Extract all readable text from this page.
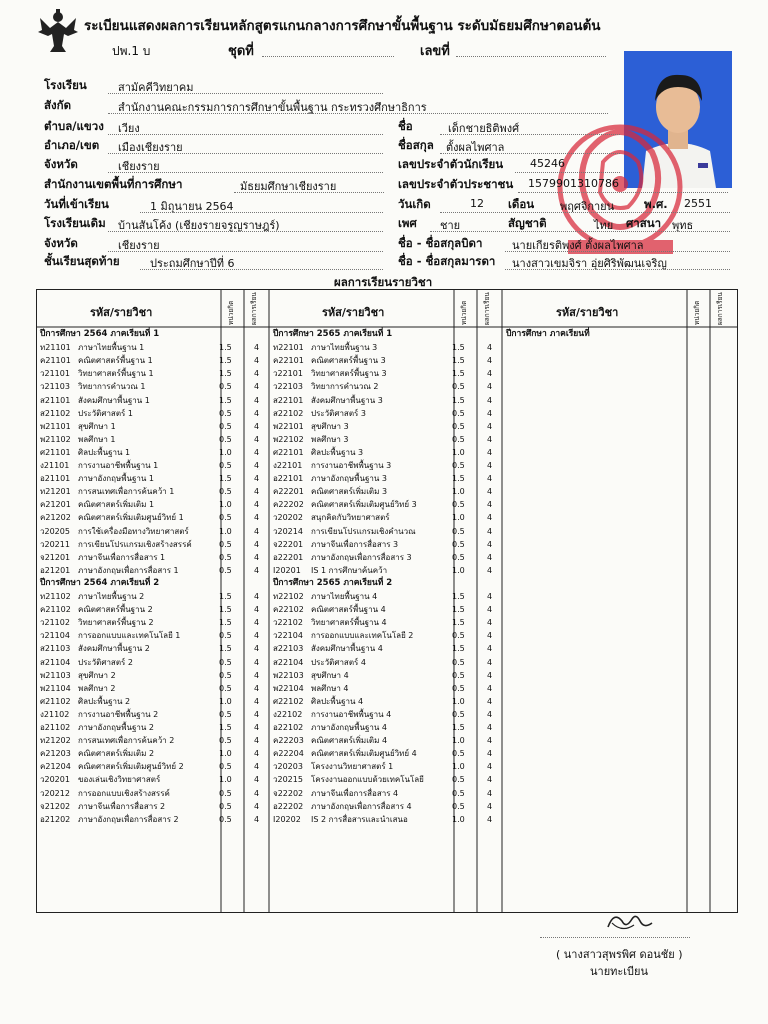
ระเบียนแสดงผลการเรียนหลักสูตรแกนกลางการศึกษาขั้นพื้นฐาน ระดับมัธยมศึกษาตอนต้น
ปพ.1 บ	ชุดที่	เลขที่
โรงเรียน	สามัคคีวิทยาคม
สังกัด	สำนักงานคณะกรรมการการศึกษาขั้นพื้นฐาน กระทรวงศึกษาธิการ
ตำบล/แขวง เวียง
อำเภอ/เขต เมืองเชียงราย
จังหวัด	เชียงราย
สำนักงานเขตพื้นที่การศึกษา	มัธยมศึกษาเชียงราย
วันที่เข้าเรียน	1 มิถุนายน 2564
โรงเรียนเดิม บ้านสันโค้ง (เชียงรายจรูญราษฎร์)
จังหวัด	เชียงราย
ชั้นเรียนสุดท้าย	ประถมศึกษาปีที่ 6
ชื่อ	เด็กชายธิติพงศ์
ชื่อสกุล ตั้งผลไพศาล
เลขประจำตัวนักเรียน 45246
เลขประจำตัวประชาชน 1579901310786
วันเกิด	12 เดือน พฤศจิกายน	พ.ศ. 2551
เพศ ชาย	สัญชาติ	ไทย ศาสนา พุทธ
ชื่อ - ชื่อสกุลบิดา	นายเกียรติพงศ์ ตั้งผลไพศาล
ชื่อ - ชื่อสกุลมารดา นางสาวเขมจิรา อุ่ยศิริพัฒนเจริญ
ผลการเรียนรายวิชา
รหัส/รายวิชา	หน่วยกิต ผลการเรียน	รหัส/รายวิชา	หน่วยกิต ผลการเรียน	รหัส/รายวิชา	หน่วยกิต ผลการเรียน
ปีการศึกษา 2564 ภาคเรียนที่ 1
ท21101 ภาษาไทยพื้นฐาน 1	1.5	4
ค21101 คณิตศาสตร์พื้นฐาน 1	1.5	4
ว21101 วิทยาศาสตร์พื้นฐาน 1	1.5	4
ว21103 วิทยาการคำนวณ 1	0.5	4
ส21101 สังคมศึกษาพื้นฐาน 1	1.5	4
ส21102 ประวัติศาสตร์ 1	0.5	4
พ21101 สุขศึกษา 1	0.5	4
พ21102 พลศึกษา 1	0.5	4
ศ21101 ศิลปะพื้นฐาน 1	1.0	4
ง21101 การงานอาชีพพื้นฐาน 1	0.5	4
อ21101 ภาษาอังกฤษพื้นฐาน 1	1.5	4
ท21201 การสนเทศเพื่อการค้นคว้า 1	0.5	4
ค21201 คณิตศาสตร์เพิ่มเติม 1	1.0	4
ค21202 คณิตศาสตร์เพิ่มเติมศูนย์วิทย์ 1	0.5	4
ว20205 การใช้เครื่องมือทางวิทยาศาสตร์	1.0	4
ว20211 การเขียนโปรแกรมเชิงสร้างสรรค์	0.5	4
จ21201 ภาษาจีนเพื่อการสื่อสาร 1	0.5	4
อ21201 ภาษาอังกฤษเพื่อการสื่อสาร 1	0.5	4
ปีการศึกษา 2564 ภาคเรียนที่ 2
ท21102 ภาษาไทยพื้นฐาน 2	1.5	4
ค21102 คณิตศาสตร์พื้นฐาน 2	1.5	4
ว21102 วิทยาศาสตร์พื้นฐาน 2	1.5	4
ว21104 การออกแบบและเทคโนโลยี 1	0.5	4
ส21103 สังคมศึกษาพื้นฐาน 2	1.5	4
ส21104 ประวัติศาสตร์ 2	0.5	4
พ21103 สุขศึกษา 2	0.5	4
พ21104 พลศึกษา 2	0.5	4
ศ21102 ศิลปะพื้นฐาน 2	1.0	4
ง21102 การงานอาชีพพื้นฐาน 2	0.5	4
อ21102 ภาษาอังกฤษพื้นฐาน 2	1.5	4
ท21202 การสนเทศเพื่อการค้นคว้า 2	0.5	4
ค21203 คณิตศาสตร์เพิ่มเติม 2	1.0	4
ค21204 คณิตศาสตร์เพิ่มเติมศูนย์วิทย์ 2	0.5	4
ว20201 ของเล่นเชิงวิทยาศาสตร์	1.0	4
ว20212 การออกแบบเชิงสร้างสรรค์	0.5	4
จ21202 ภาษาจีนเพื่อการสื่อสาร 2	0.5	4
อ21202 ภาษาอังกฤษเพื่อการสื่อสาร 2	0.5	4
ปีการศึกษา 2565 ภาคเรียนที่ 1
ท22101 ภาษาไทยพื้นฐาน 3	1.5	4
ค22101 คณิตศาสตร์พื้นฐาน 3	1.5	4
ว22101 วิทยาศาสตร์พื้นฐาน 3	1.5	4
ว22103 วิทยาการคำนวณ 2	0.5	4
ส22101 สังคมศึกษาพื้นฐาน 3	1.5	4
ส22102 ประวัติศาสตร์ 3	0.5	4
พ22101 สุขศึกษา 3	0.5	4
พ22102 พลศึกษา 3	0.5	4
ศ22101 ศิลปะพื้นฐาน 3	1.0	4
ง22101 การงานอาชีพพื้นฐาน 3	0.5	4
อ22101 ภาษาอังกฤษพื้นฐาน 3	1.5	4
ค22201 คณิตศาสตร์เพิ่มเติม 3	1.0	4
ค22202 คณิตศาสตร์เพิ่มเติมศูนย์วิทย์ 3	0.5	4
ว20202 สนุกคิดกับวิทยาศาสตร์	1.0	4
ว20214 การเขียนโปรแกรมเชิงคำนวณ	0.5	4
จ22201 ภาษาจีนเพื่อการสื่อสาร 3	0.5	4
อ22201 ภาษาอังกฤษเพื่อการสื่อสาร 3	0.5	4
I20201 IS 1 การศึกษาค้นคว้า	1.0	4
ปีการศึกษา 2565 ภาคเรียนที่ 2
ท22102 ภาษาไทยพื้นฐาน 4	1.5	4
ค22102 คณิตศาสตร์พื้นฐาน 4	1.5	4
ว22102 วิทยาศาสตร์พื้นฐาน 4	1.5	4
ว22104 การออกแบบและเทคโนโลยี 2	0.5	4
ส22103 สังคมศึกษาพื้นฐาน 4	1.5	4
ส22104 ประวัติศาสตร์ 4	0.5	4
พ22103 สุขศึกษา 4	0.5	4
พ22104 พลศึกษา 4	0.5	4
ศ22102 ศิลปะพื้นฐาน 4	1.0	4
ง22102 การงานอาชีพพื้นฐาน 4	0.5	4
อ22102 ภาษาอังกฤษพื้นฐาน 4	1.5	4
ค22203 คณิตศาสตร์เพิ่มเติม 4	1.0	4
ค22204 คณิตศาสตร์เพิ่มเติมศูนย์วิทย์ 4	0.5	4
ว20203 โครงงานวิทยาศาสตร์ 1	1.0	4
ว20215 โครงงานออกแบบด้วยเทคโนโลยี	0.5	4
จ22202 ภาษาจีนเพื่อการสื่อสาร 4	0.5	4
อ22202 ภาษาอังกฤษเพื่อการสื่อสาร 4	0.5	4
I20202 IS 2 การสื่อสารและนำเสนอ	1.0	4
ปีการศึกษา ภาคเรียนที่
( นางสาวสุพรพิศ ดอนชัย )
นายทะเบียน
